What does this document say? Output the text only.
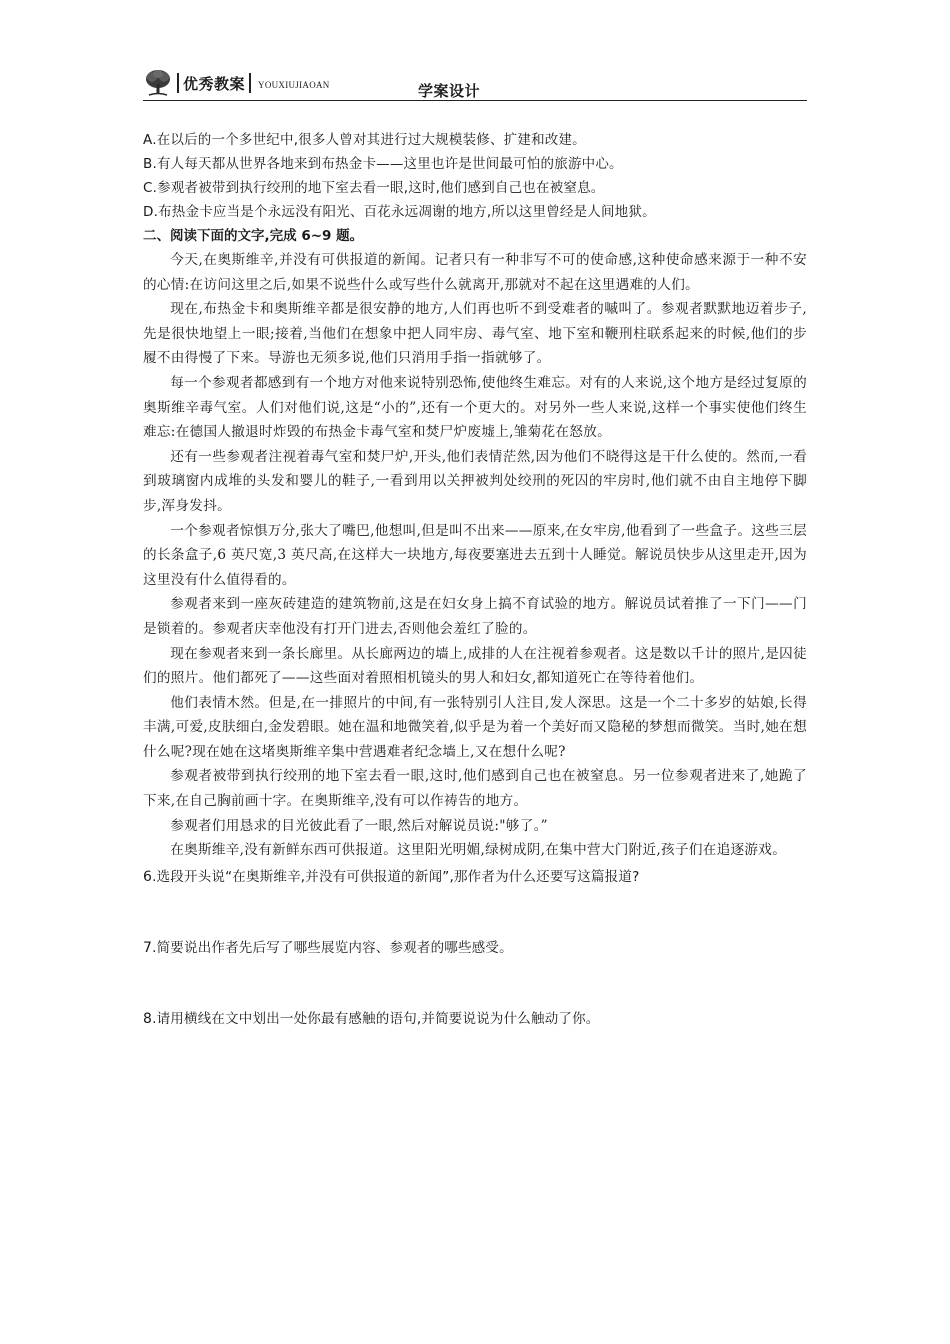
优秀教案 YOUXIUJIAOAN	学案设计
A.在以后的一个多世纪中,很多人曾对其进行过大规模装修、扩建和改建。
B.有人每天都从世界各地来到布热金卡——这里也许是世间最可怕的旅游中心。
C.参观者被带到执行绞刑的地下室去看一眼,这时,他们感到自己也在被窒息。
D.布热金卡应当是个永远没有阳光、百花永远凋谢的地方,所以这里曾经是人间地狱。
二、阅读下面的文字,完成 6~9 题。

今天,在奥斯维辛,并没有可供报道的新闻。记者只有一种非写不可的使命感,这种使命感来源于一种不安的心情:在访问这里之后,如果不说些什么或写些什么就离开,那就对不起在这里遇难的人们。

现在,布热金卡和奥斯维辛都是很安静的地方,人们再也听不到受难者的嘁叫了。参观者默默地迈着步子,先是很快地望上一眼;接着,当他们在想象中把人同牢房、毒气室、地下室和鞭刑柱联系起来的时候,他们的步履不由得慢了下来。导游也无须多说,他们只消用手指一指就够了。

每一个参观者都感到有一个地方对他来说特别恐怖,使他终生难忘。对有的人来说,这个地方是经过复原的奥斯维辛毒气室。人们对他们说,这是“小的”,还有一个更大的。对另外一些人来说,这样一个事实使他们终生难忘:在德国人撤退时炸毁的布热金卡毒气室和焚尸炉废墟上,雏菊花在怒放。

还有一些参观者注视着毒气室和焚尸炉,开头,他们表情茫然,因为他们不晓得这是干什么使的。然而,一看到玻璃窗内成堆的头发和婴儿的鞋子,一看到用以关押被判处绞刑的死囚的牢房时,他们就不由自主地停下脚步,浑身发抖。

一个参观者惊惧万分,张大了嘴巴,他想叫,但是叫不出来——原来,在女牢房,他看到了一些盒子。这些三层的长条盒子,6 英尺宽,3 英尺高,在这样大一块地方,每夜要塞进去五到十人睡觉。解说员快步从这里走开,因为这里没有什么值得看的。

参观者来到一座灰砖建造的建筑物前,这是在妇女身上搞不育试验的地方。解说员试着推了一下门——门是锁着的。参观者庆幸他没有打开门进去,否则他会羞红了脸的。

现在参观者来到一条长廊里。从长廊两边的墙上,成排的人在注视着参观者。这是数以千计的照片,是囚徒们的照片。他们都死了——这些面对着照相机镜头的男人和妇女,都知道死亡在等待着他们。

他们表情木然。但是,在一排照片的中间,有一张特别引人注目,发人深思。这是一个二十多岁的姑娘,长得丰满,可爱,皮肤细白,金发碧眼。她在温和地微笑着,似乎是为着一个美好而又隐秘的梦想而微笑。当时,她在想什么呢?现在她在这堵奥斯维辛集中营遇难者纪念墙上,又在想什么呢?

参观者被带到执行绞刑的地下室去看一眼,这时,他们感到自己也在被窒息。另一位参观者进来了,她跪了下来,在自己胸前画十字。在奥斯维辛,没有可以作祷告的地方。

参观者们用恳求的目光彼此看了一眼,然后对解说员说:"够了。”

在奥斯维辛,没有新鲜东西可供报道。这里阳光明媚,绿树成阴,在集中营大门附近,孩子们在追逐游戏。

6.选段开头说“在奥斯维辛,并没有可供报道的新闻”,那作者为什么还要写这篇报道?
7.简要说出作者先后写了哪些展览内容、参观者的哪些感受。
8.请用横线在文中划出一处你最有感触的语句,并简要说说为什么触动了你。
